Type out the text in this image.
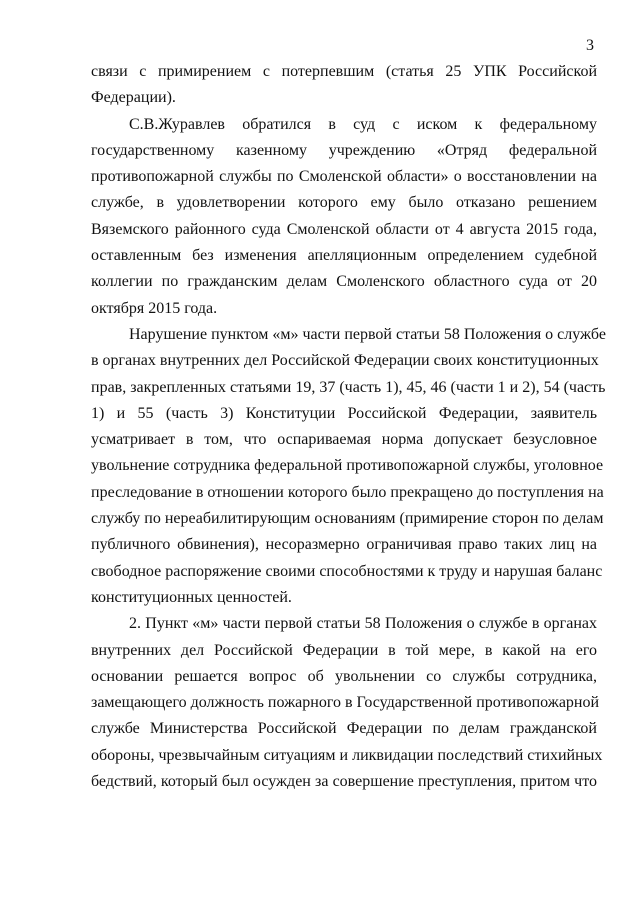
3
связи с примирением с потерпевшим (статья 25 УПК Российской
Федерации).
С.В.Журавлев обратился в суд с иском к федеральному
государственному казенному учреждению «Отряд федеральной
противопожарной службы по Смоленской области» о восстановлении на
службе, в удовлетворении которого ему было отказано решением
Вяземского районного суда Смоленской области от 4 августа 2015 года,
оставленным без изменения апелляционным определением судебной
коллегии по гражданским делам Смоленского областного суда от 20
октября 2015 года.
Нарушение пунктом «м» части первой статьи 58 Положения о службе
в органах внутренних дел Российской Федерации своих конституционных
прав, закрепленных статьями 19, 37 (часть 1), 45, 46 (части 1 и 2), 54 (часть
1) и 55 (часть 3) Конституции Российской Федерации, заявитель
усматривает в том, что оспариваемая норма допускает безусловное
увольнение сотрудника федеральной противопожарной службы, уголовное
преследование в отношении которого было прекращено до поступления на
службу по нереабилитирующим основаниям (примирение сторон по делам
публичного обвинения), несоразмерно ограничивая право таких лиц на
свободное распоряжение своими способностями к труду и нарушая баланс
конституционных ценностей.
2. Пункт «м» части первой статьи 58 Положения о службе в органах
внутренних дел Российской Федерации в той мере, в какой на его
основании решается вопрос об увольнении со службы сотрудника,
замещающего должность пожарного в Государственной противопожарной
службе Министерства Российской Федерации по делам гражданской
обороны, чрезвычайным ситуациям и ликвидации последствий стихийных
бедствий, который был осужден за совершение преступления, притом что
